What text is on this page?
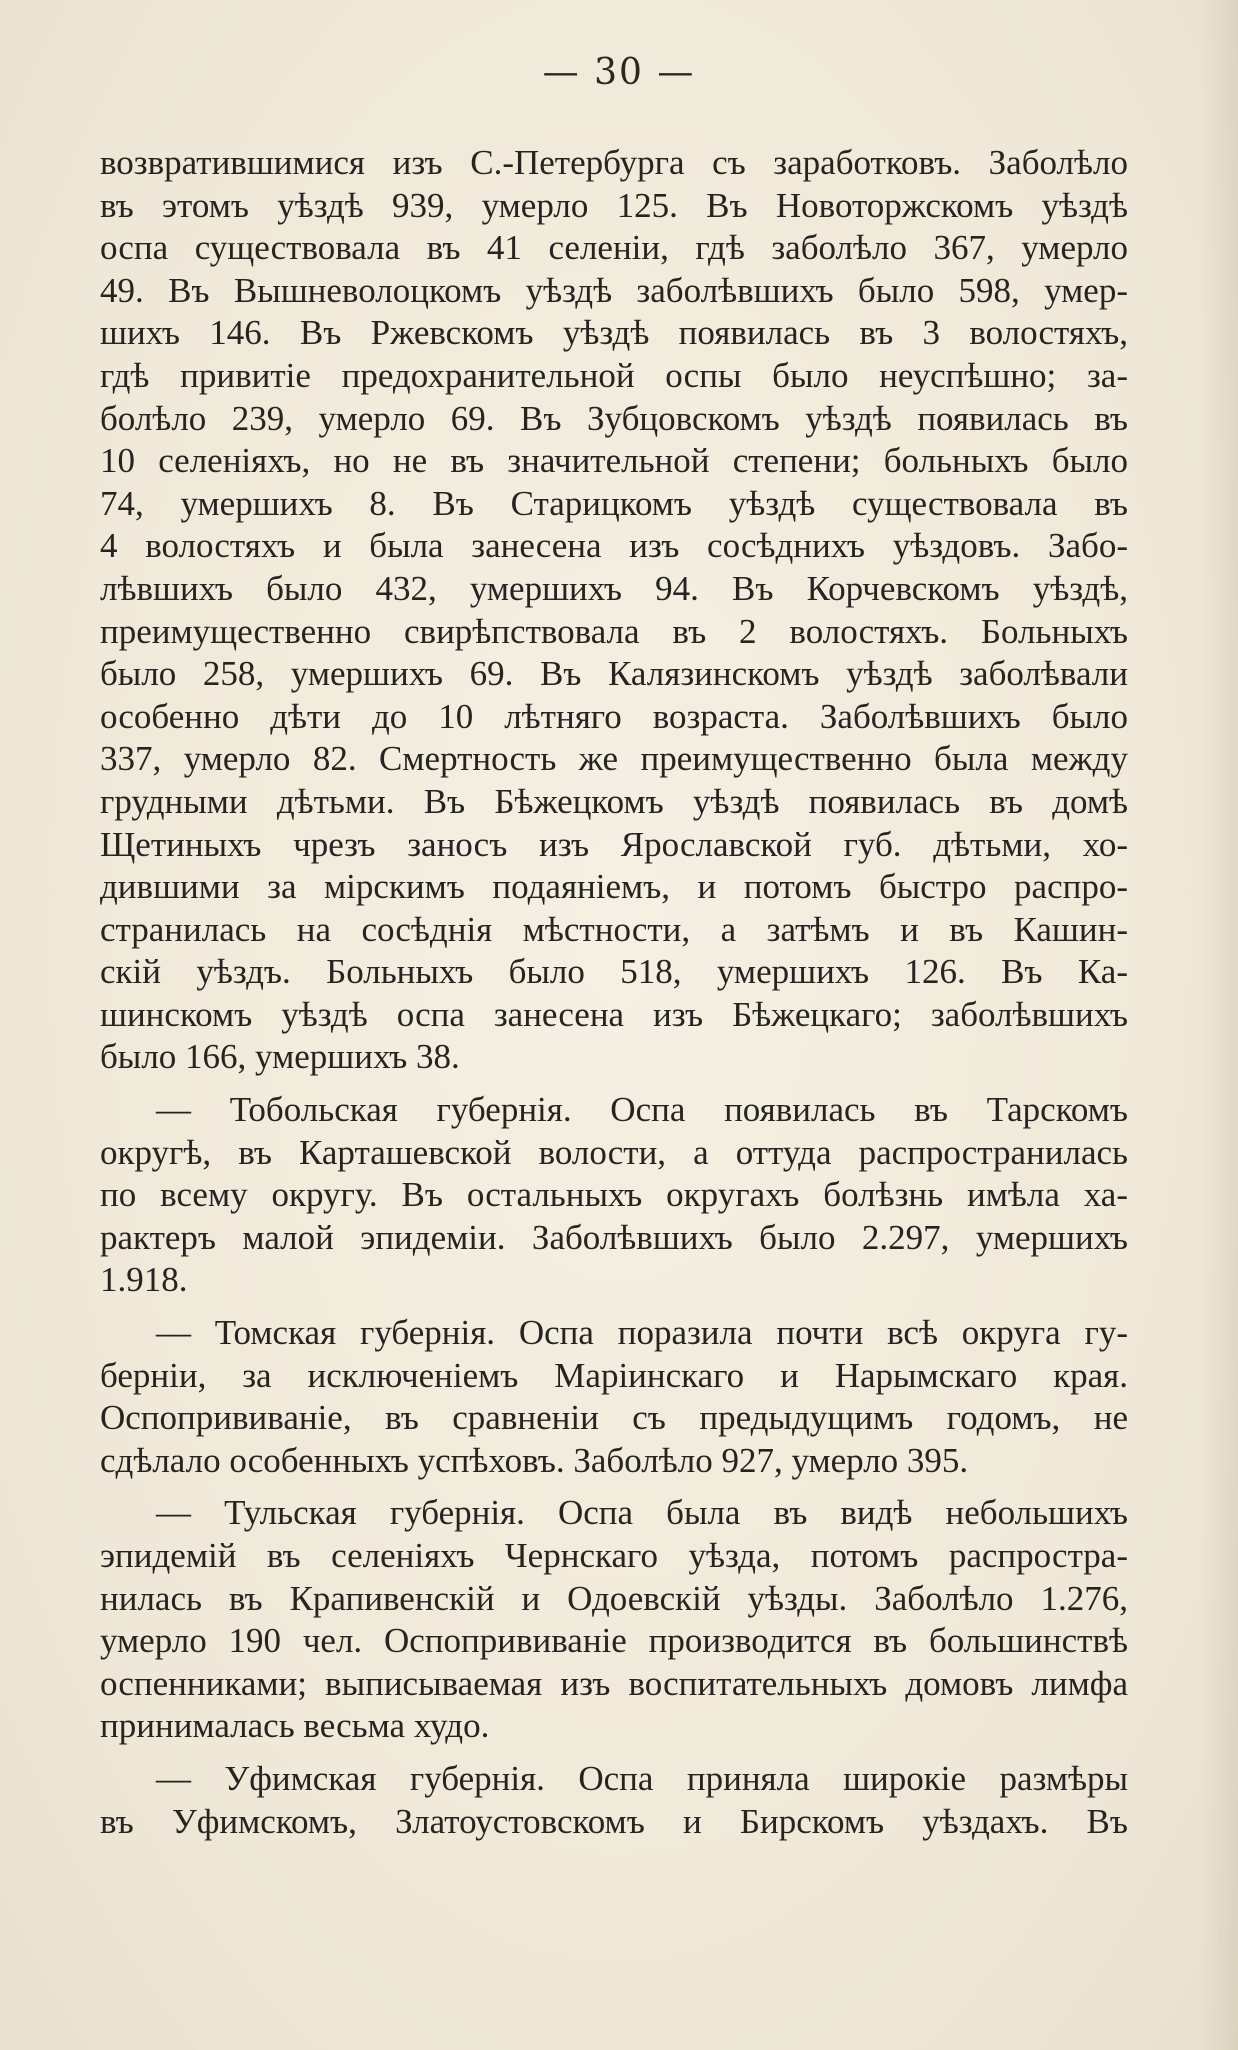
— 30 —
возвратившимися изъ С.-Петербурга съ заработковъ. Заболѣло
въ этомъ уѣздѣ 939, умерло 125. Въ Новоторжскомъ уѣздѣ
оспа существовала въ 41 селеніи, гдѣ заболѣло 367, умерло
49. Въ Вышневолоцкомъ уѣздѣ заболѣвшихъ было 598, умер-
шихъ 146. Въ Ржевскомъ уѣздѣ появилась въ 3 волостяхъ,
гдѣ привитіе предохранительной оспы было неуспѣшно; за-
болѣло 239, умерло 69. Въ Зубцовскомъ уѣздѣ появилась въ
10 селеніяхъ, но не въ значительной степени; больныхъ было
74, умершихъ 8. Въ Старицкомъ уѣздѣ существовала въ
4 волостяхъ и была занесена изъ сосѣднихъ уѣздовъ. Забо-
лѣвшихъ было 432, умершихъ 94. Въ Корчевскомъ уѣздѣ,
преимущественно свирѣпствовала въ 2 волостяхъ. Больныхъ
было 258, умершихъ 69. Въ Калязинскомъ уѣздѣ заболѣвали
особенно дѣти до 10 лѣтняго возраста. Заболѣвшихъ было
337, умерло 82. Смертность же преимущественно была между
грудными дѣтьми. Въ Бѣжецкомъ уѣздѣ появилась въ домѣ
Щетиныхъ чрезъ заносъ изъ Ярославской губ. дѣтьми, хо-
дившими за мірскимъ подаяніемъ, и потомъ быстро распро-
странилась на сосѣднія мѣстности, а затѣмъ и въ Кашин-
скій уѣздъ. Больныхъ было 518, умершихъ 126. Въ Ка-
шинскомъ уѣздѣ оспа занесена изъ Бѣжецкаго; заболѣвшихъ
было 166, умершихъ 38.
— Тобольская губернія. Оспа появилась въ Тарскомъ
округѣ, въ Карташевской волости, а оттуда распространилась
по всему округу. Въ остальныхъ округахъ болѣзнь имѣла ха-
рактеръ малой эпидеміи. Заболѣвшихъ было 2.297, умершихъ
1.918.
— Томская губернія. Оспа поразила почти всѣ округа гу-
берніи, за исключеніемъ Маріинскаго и Нарымскаго края.
Оспопрививаніе, въ сравненіи съ предыдущимъ годомъ, не
сдѣлало особенныхъ успѣховъ. Заболѣло 927, умерло 395.
— Тульская губернія. Оспа была въ видѣ небольшихъ
эпидемій въ селеніяхъ Чернскаго уѣзда, потомъ распростра-
нилась въ Крапивенскій и Одоевскій уѣзды. Заболѣло 1.276,
умерло 190 чел. Оспопрививаніе производится въ большинствѣ
оспенниками; выписываемая изъ воспитательныхъ домовъ лимфа
принималась весьма худо.
— Уфимская губернія. Оспа приняла широкіе размѣры
въ Уфимскомъ, Златоустовскомъ и Бирскомъ уѣздахъ. Въ
